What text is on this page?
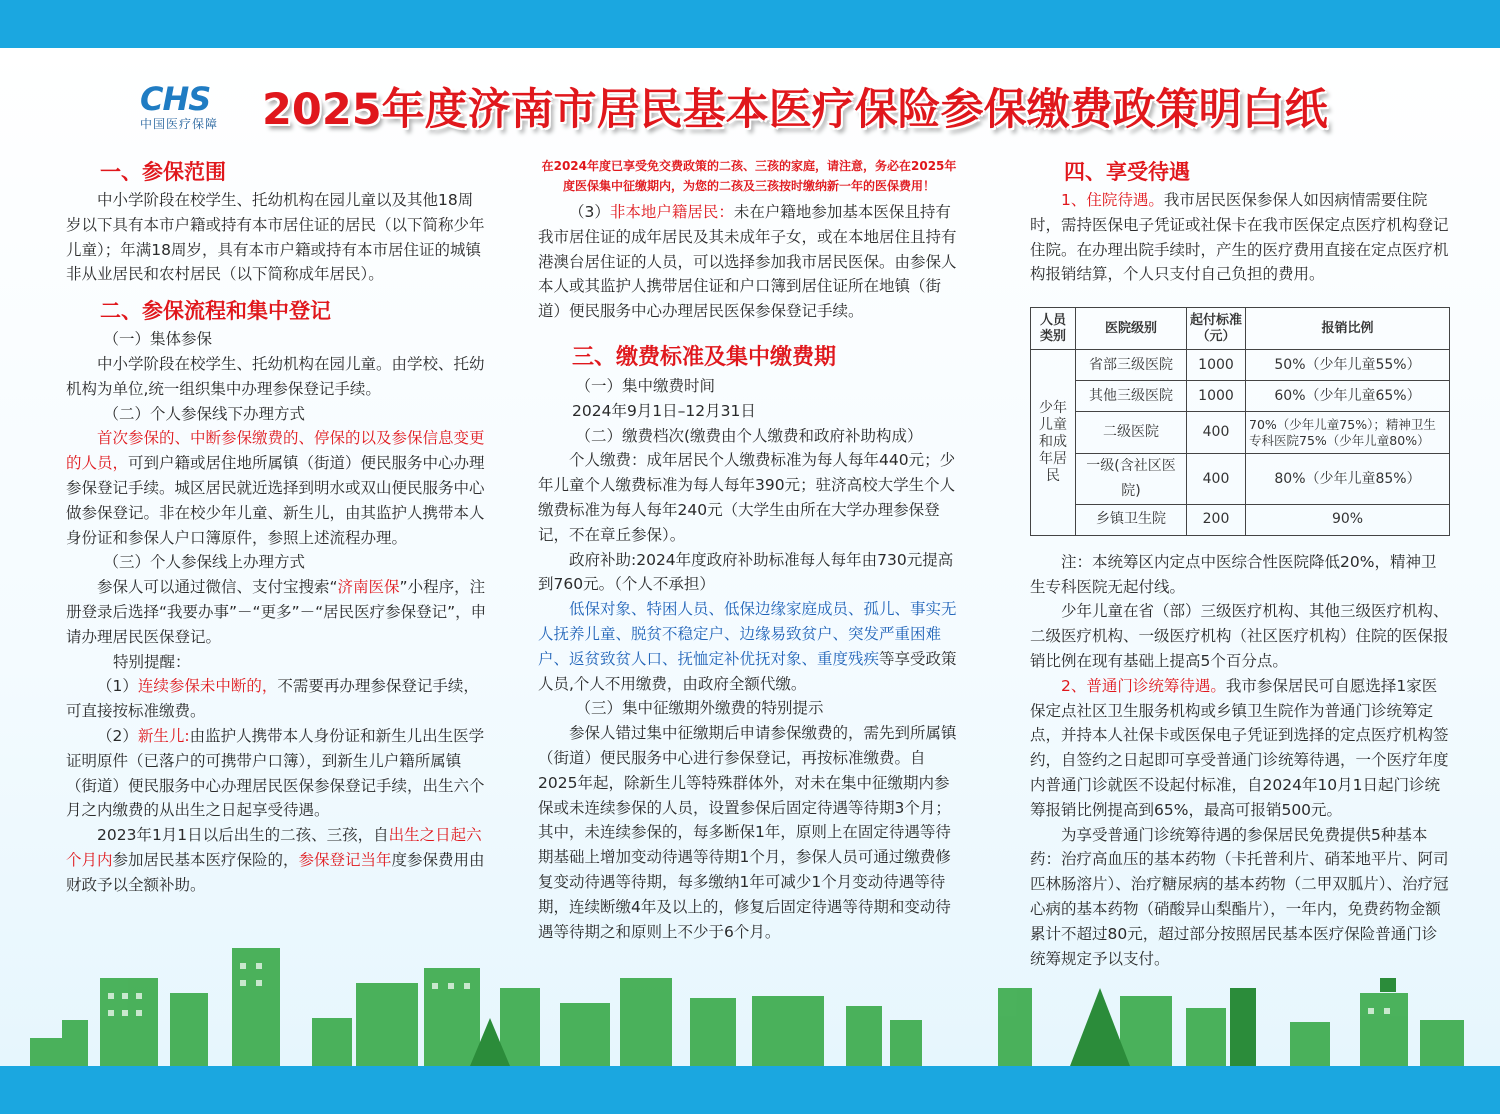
CHS
中国医疗保障	2025年度济南市居民基本医疗保险参保缴费政策明白纸

一、参保范围

中小学阶段在校学生、托幼机构在园儿童以及其他18周岁以下具有本市户籍或持有本市居住证的居民（以下简称少年儿童）；年满18周岁，具有本市户籍或持有本市居住证的城镇非从业居民和农村居民（以下简称成年居民）。

二、参保流程和集中登记

（一）集体参保

中小学阶段在校学生、托幼机构在园儿童。由学校、托幼机构为单位,统一组织集中办理参保登记手续。

（二）个人参保线下办理方式

首次参保的、中断参保缴费的、停保的以及参保信息变更的人员，可到户籍或居住地所属镇（街道）便民服务中心办理参保登记手续。城区居民就近选择到明水或双山便民服务中心做参保登记。非在校少年儿童、新生儿，由其监护人携带本人身份证和参保人户口簿原件，参照上述流程办理。

（三）个人参保线上办理方式

参保人可以通过微信、支付宝搜索“济南医保”小程序，注册登录后选择“我要办事”－“更多”－“居民医疗参保登记”，申请办理居民医保登记。

特别提醒：

（1）连续参保未中断的，不需要再办理参保登记手续，可直接按标准缴费。

（2）新生儿:由监护人携带本人身份证和新生儿出生医学证明原件（已落户的可携带户口簿），到新生儿户籍所属镇（街道）便民服务中心办理居民医保参保登记手续，出生六个月之内缴费的从出生之日起享受待遇。

2023年1月1日以后出生的二孩、三孩，自出生之日起六个月内参加居民基本医疗保险的，参保登记当年度参保费用由财政予以全额补助。

在2024年度已享受免交费政策的二孩、三孩的家庭，请注意，务必在2025年度医保集中征缴期内，为您的二孩及三孩按时缴纳新一年的医保费用！

（3）非本地户籍居民：未在户籍地参加基本医保且持有我市居住证的成年居民及其未成年子女，或在本地居住且持有港澳台居住证的人员，可以选择参加我市居民医保。由参保人本人或其监护人携带居住证和户口簿到居住证所在地镇（街道）便民服务中心办理居民医保参保登记手续。

三、缴费标准及集中缴费期

（一）集中缴费时间

2024年9月1日–12月31日

（二）缴费档次(缴费由个人缴费和政府补助构成）

个人缴费：成年居民个人缴费标准为每人每年440元；少年儿童个人缴费标准为每人每年390元；驻济高校大学生个人缴费标准为每人每年240元（大学生由所在大学办理参保登记，不在章丘参保）。

政府补助:2024年度政府补助标准每人每年由730元提高到760元。（个人不承担）

低保对象、特困人员、低保边缘家庭成员、孤儿、事实无人抚养儿童、脱贫不稳定户、边缘易致贫户、突发严重困难户、返贫致贫人口、抚恤定补优抚对象、重度残疾等享受政策人员,个人不用缴费，由政府全额代缴。

（三）集中征缴期外缴费的特别提示

参保人错过集中征缴期后申请参保缴费的，需先到所属镇（街道）便民服务中心进行参保登记，再按标准缴费。自2025年起，除新生儿等特殊群体外，对未在集中征缴期内参保或未连续参保的人员，设置参保后固定待遇等待期3个月；其中，未连续参保的，每多断保1年，原则上在固定待遇等待期基础上增加变动待遇等待期1个月，参保人员可通过缴费修复变动待遇等待期，每多缴纳1年可减少1个月变动待遇等待期，连续断缴4年及以上的，修复后固定待遇等待期和变动待遇等待期之和原则上不少于6个月。

四、享受待遇

1、住院待遇。我市居民医保参保人如因病情需要住院时，需持医保电子凭证或社保卡在我市医保定点医疗机构登记住院。在办理出院手续时，产生的医疗费用直接在定点医疗机构报销结算，个人只支付自己负担的费用。

人员类别	医院级别	起付标准（元）	报销比例
少年儿童和成年居民	省部三级医院	1000	50%（少年儿童55%）
	其他三级医院	1000	60%（少年儿童65%）
	二级医院	400	70%（少年儿童75%）；精神卫生专科医院75%（少年儿童80%）
	一级(含社区医院)	400	80%（少年儿童85%）
	乡镇卫生院	200	90%

注：本统筹区内定点中医综合性医院降低20%，精神卫生专科医院无起付线。

少年儿童在省（部）三级医疗机构、其他三级医疗机构、二级医疗机构、一级医疗机构（社区医疗机构）住院的医保报销比例在现有基础上提高5个百分点。

2、普通门诊统筹待遇。我市参保居民可自愿选择1家医保定点社区卫生服务机构或乡镇卫生院作为普通门诊统筹定点，并持本人社保卡或医保电子凭证到选择的定点医疗机构签约，自签约之日起即可享受普通门诊统筹待遇，一个医疗年度内普通门诊就医不设起付标准，自2024年10月1日起门诊统筹报销比例提高到65%，最高可报销500元。

为享受普通门诊统筹待遇的参保居民免费提供5种基本药：治疗高血压的基本药物（卡托普利片、硝苯地平片、阿司匹林肠溶片）、治疗糖尿病的基本药物（二甲双胍片）、治疗冠心病的基本药物（硝酸异山梨酯片），一年内，免费药物金额累计不超过80元，超过部分按照居民基本医疗保险普通门诊统筹规定予以支付。
